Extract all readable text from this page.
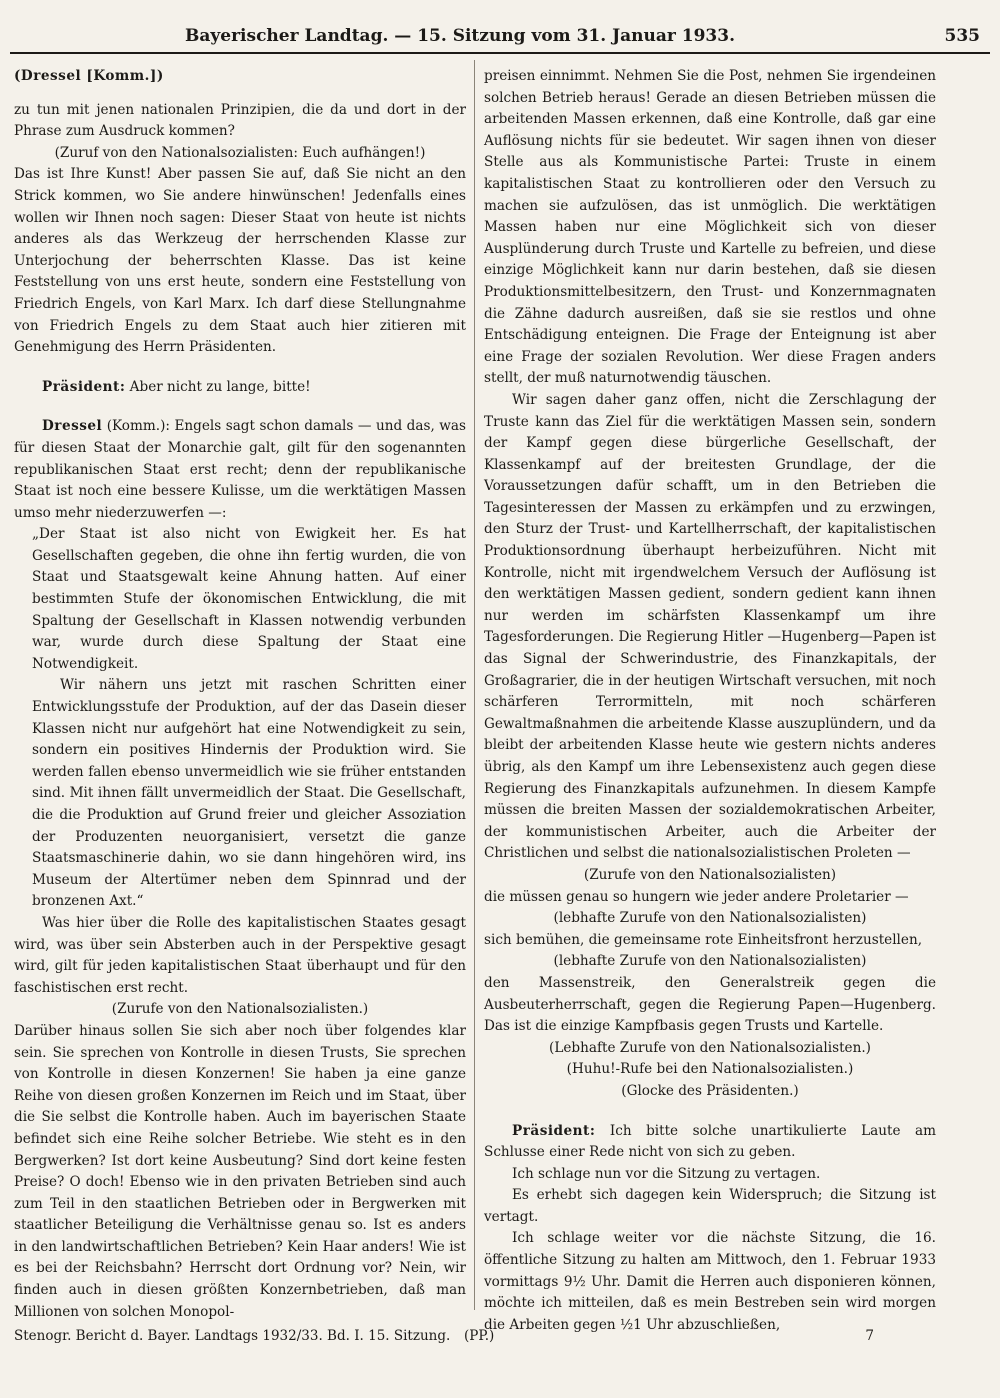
Bayerischer Landtag. — 15. Sitzung vom 31. Januar 1933.	535

(Dressel [Komm.])

zu tun mit jenen nationalen Prinzipien, die da und dort in der Phrase zum Ausdruck kommen?

(Zuruf von den Nationalsozialisten: Euch aufhängen!)

Das ist Ihre Kunst! Aber passen Sie auf, daß Sie nicht an den Strick kommen, wo Sie andere hinwünschen! Jedenfalls eines wollen wir Ihnen noch sagen: Dieser Staat von heute ist nichts anderes als das Werkzeug der herrschenden Klasse zur Unterjochung der beherrschten Klasse. Das ist keine Feststellung von uns erst heute, sondern eine Feststellung von Friedrich Engels, von Karl Marx. Ich darf diese Stellungnahme von Friedrich Engels zu dem Staat auch hier zitieren mit Genehmigung des Herrn Präsidenten.

Präsident: Aber nicht zu lange, bitte!

Dressel (Komm.): Engels sagt schon damals — und das, was für diesen Staat der Monarchie galt, gilt für den sogenannten republikanischen Staat erst recht; denn der republikanische Staat ist noch eine bessere Kulisse, um die werktätigen Massen umso mehr niederzuwerfen —:

„Der Staat ist also nicht von Ewigkeit her. Es hat Gesellschaften gegeben, die ohne ihn fertig wurden, die von Staat und Staatsgewalt keine Ahnung hatten. Auf einer bestimmten Stufe der ökonomischen Entwicklung, die mit Spaltung der Gesellschaft in Klassen notwendig verbunden war, wurde durch diese Spaltung der Staat eine Notwendigkeit.

Wir nähern uns jetzt mit raschen Schritten einer Entwicklungsstufe der Produktion, auf der das Dasein dieser Klassen nicht nur aufgehört hat eine Notwendigkeit zu sein, sondern ein positives Hindernis der Produktion wird. Sie werden fallen ebenso unvermeidlich wie sie früher entstanden sind. Mit ihnen fällt unvermeidlich der Staat. Die Gesellschaft, die die Produktion auf Grund freier und gleicher Assoziation der Produzenten neuorganisiert, versetzt die ganze Staatsmaschinerie dahin, wo sie dann hingehören wird, ins Museum der Altertümer neben dem Spinnrad und der bronzenen Axt.“

Was hier über die Rolle des kapitalistischen Staates gesagt wird, was über sein Absterben auch in der Perspektive gesagt wird, gilt für jeden kapitalistischen Staat überhaupt und für den faschistischen erst recht.

(Zurufe von den Nationalsozialisten.)

Darüber hinaus sollen Sie sich aber noch über folgendes klar sein. Sie sprechen von Kontrolle in diesen Trusts, Sie sprechen von Kontrolle in diesen Konzernen! Sie haben ja eine ganze Reihe von diesen großen Konzernen im Reich und im Staat, über die Sie selbst die Kontrolle haben. Auch im bayerischen Staate befindet sich eine Reihe solcher Betriebe. Wie steht es in den Bergwerken? Ist dort keine Ausbeutung? Sind dort keine festen Preise? O doch! Ebenso wie in den privaten Betrieben sind auch zum Teil in den staatlichen Betrieben oder in Bergwerken mit staatlicher Beteiligung die Verhältnisse genau so. Ist es anders in den landwirtschaftlichen Betrieben? Kein Haar anders! Wie ist es bei der Reichsbahn? Herrscht dort Ordnung vor? Nein, wir finden auch in diesen größten Konzernbetrieben, daß man Millionen von solchen Monopol-

preisen einnimmt. Nehmen Sie die Post, nehmen Sie irgendeinen solchen Betrieb heraus! Gerade an diesen Betrieben müssen die arbeitenden Massen erkennen, daß eine Kontrolle, daß gar eine Auflösung nichts für sie bedeutet. Wir sagen ihnen von dieser Stelle aus als Kommunistische Partei: Truste in einem kapitalistischen Staat zu kontrollieren oder den Versuch zu machen sie aufzulösen, das ist unmöglich. Die werktätigen Massen haben nur eine Möglichkeit sich von dieser Ausplünderung durch Truste und Kartelle zu befreien, und diese einzige Möglichkeit kann nur darin bestehen, daß sie diesen Produktionsmittelbesitzern, den Trust- und Konzernmagnaten die Zähne dadurch ausreißen, daß sie sie restlos und ohne Entschädigung enteignen. Die Frage der Enteignung ist aber eine Frage der sozialen Revolution. Wer diese Fragen anders stellt, der muß naturnotwendig täuschen.

Wir sagen daher ganz offen, nicht die Zerschlagung der Truste kann das Ziel für die werktätigen Massen sein, sondern der Kampf gegen diese bürgerliche Gesellschaft, der Klassenkampf auf der breitesten Grundlage, der die Voraussetzungen dafür schafft, um in den Betrieben die Tagesinteressen der Massen zu erkämpfen und zu erzwingen, den Sturz der Trust- und Kartellherrschaft, der kapitalistischen Produktionsordnung überhaupt herbeizuführen. Nicht mit Kontrolle, nicht mit irgendwelchem Versuch der Auflösung ist den werktätigen Massen gedient, sondern gedient kann ihnen nur werden im schärfsten Klassenkampf um ihre Tagesforderungen. Die Regierung Hitler —Hugenberg—Papen ist das Signal der Schwerindustrie, des Finanzkapitals, der Großagrarier, die in der heutigen Wirtschaft versuchen, mit noch schärferen Terrormitteln, mit noch schärferen Gewaltmaßnahmen die arbeitende Klasse auszuplündern, und da bleibt der arbeitenden Klasse heute wie gestern nichts anderes übrig, als den Kampf um ihre Lebensexistenz auch gegen diese Regierung des Finanzkapitals aufzunehmen. In diesem Kampfe müssen die breiten Massen der sozialdemokratischen Arbeiter, der kommunistischen Arbeiter, auch die Arbeiter der Christlichen und selbst die nationalsozialistischen Proleten —

(Zurufe von den Nationalsozialisten)

die müssen genau so hungern wie jeder andere Proletarier —

(lebhafte Zurufe von den Nationalsozialisten)

sich bemühen, die gemeinsame rote Einheitsfront herzustellen,

(lebhafte Zurufe von den Nationalsozialisten)

den Massenstreik, den Generalstreik gegen die Ausbeuterherrschaft, gegen die Regierung Papen—Hugenberg. Das ist die einzige Kampfbasis gegen Trusts und Kartelle.

(Lebhafte Zurufe von den Nationalsozialisten.)

(Huhu!-Rufe bei den Nationalsozialisten.)

(Glocke des Präsidenten.)

Präsident: Ich bitte solche unartikulierte Laute am Schlusse einer Rede nicht von sich zu geben.

Ich schlage nun vor die Sitzung zu vertagen.

Es erhebt sich dagegen kein Widerspruch; die Sitzung ist vertagt.

Ich schlage weiter vor die nächste Sitzung, die 16. öffentliche Sitzung zu halten am Mittwoch, den 1. Februar 1933 vormittags 9½ Uhr. Damit die Herren auch disponieren können, möchte ich mitteilen, daß es mein Bestreben sein wird morgen die Arbeiten gegen ½1 Uhr abzuschließen,

Stenogr. Bericht d. Bayer. Landtags 1932/33. Bd. I. 15. Sitzung. (PP.)	7
